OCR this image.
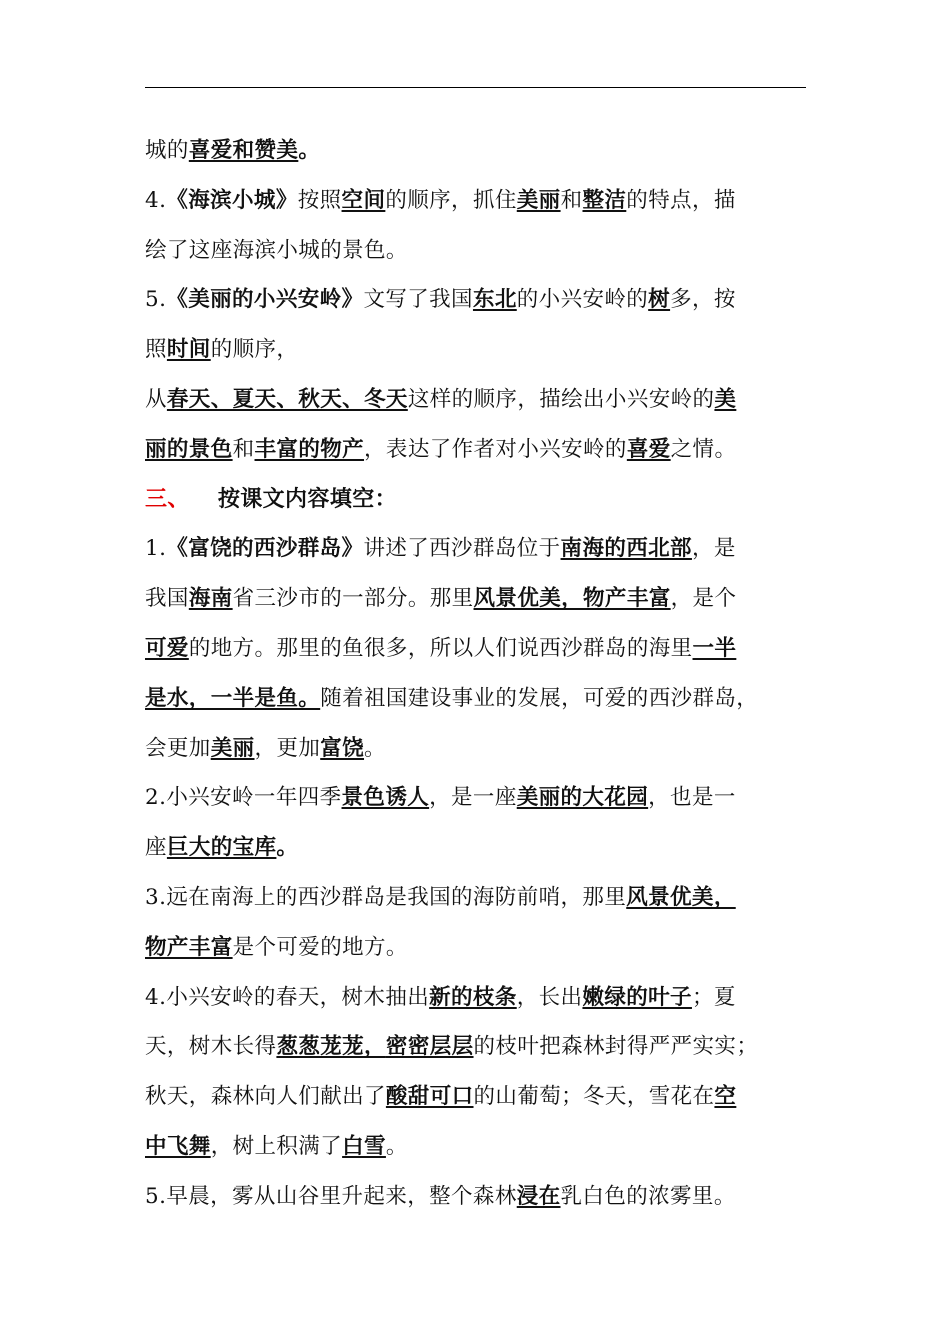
城的喜爱和赞美。
4.《海滨小城》按照空间的顺序，抓住美丽和整洁的特点，描
绘了这座海滨小城的景色。
5.《美丽的小兴安岭》文写了我国东北的小兴安岭的树多，按
照时间的顺序，
从春天、夏天、秋天、冬天这样的顺序，描绘出小兴安岭的美
丽的景色和丰富的物产，表达了作者对小兴安岭的喜爱之情。
三、 按课文内容填空：
1.《富饶的西沙群岛》讲述了西沙群岛位于南海的西北部，是
我国海南省三沙市的一部分。那里风景优美，物产丰富，是个
可爱的地方。那里的鱼很多，所以人们说西沙群岛的海里一半
是水，一半是鱼。随着祖国建设事业的发展，可爱的西沙群岛，
会更加美丽，更加富饶。
2.小兴安岭一年四季景色诱人，是一座美丽的大花园，也是一
座巨大的宝库。
3.远在南海上的西沙群岛是我国的海防前哨，那里风景优美，
物产丰富是个可爱的地方。
4.小兴安岭的春天，树木抽出新的枝条，长出嫩绿的叶子；夏
天，树木长得葱葱茏茏，密密层层的枝叶把森林封得严严实实；
秋天，森林向人们献出了酸甜可口的山葡萄；冬天，雪花在空
中飞舞，树上积满了白雪。
5.早晨，雾从山谷里升起来，整个森林浸在乳白色的浓雾里。
